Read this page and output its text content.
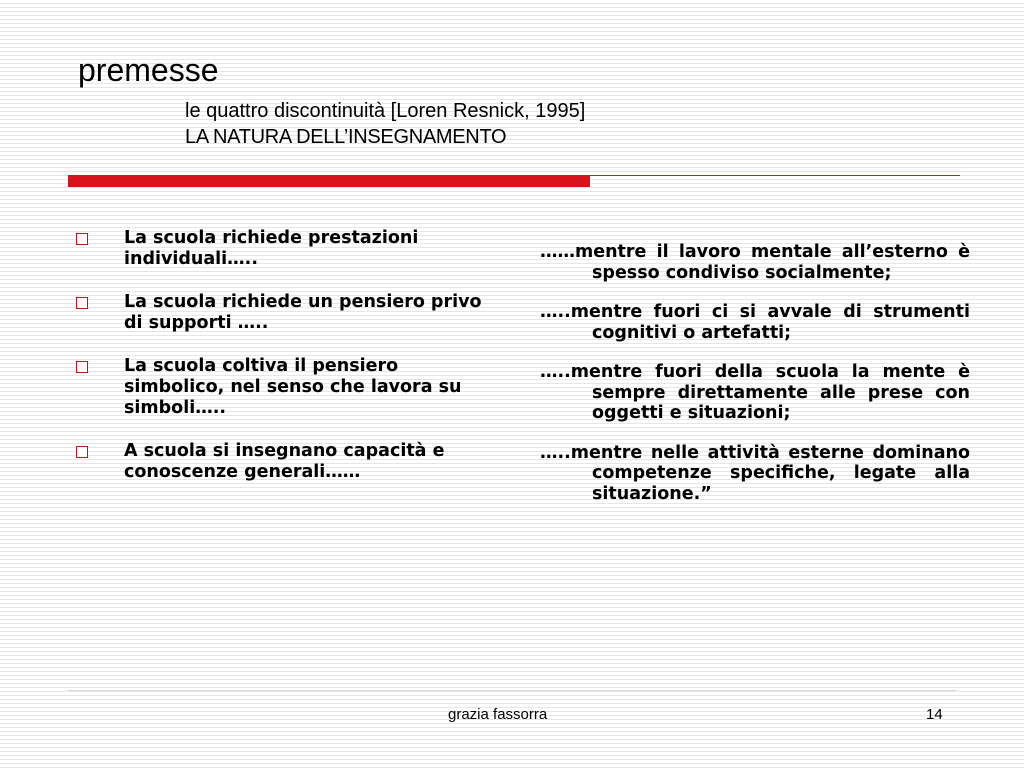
premesse
le quattro discontinuità [Loren Resnick, 1995]
LA NATURA DELL’INSEGNAMENTO
La scuola richiede prestazioni individuali…..
La scuola richiede un pensiero privo di supporti …..
La scuola coltiva il pensiero simbolico, nel senso che lavora su simboli…..
A scuola si insegnano capacità e conoscenze generali……
……mentre il lavoro mentale all’esterno è spesso condiviso socialmente;
…..mentre fuori ci si avvale di strumenti cognitivi o artefatti;
…..mentre fuori della scuola la mente è sempre direttamente alle prese con oggetti e situazioni;
…..mentre nelle attività esterne dominano competenze specifiche, legate alla situazione.”
grazia fassorra	14
